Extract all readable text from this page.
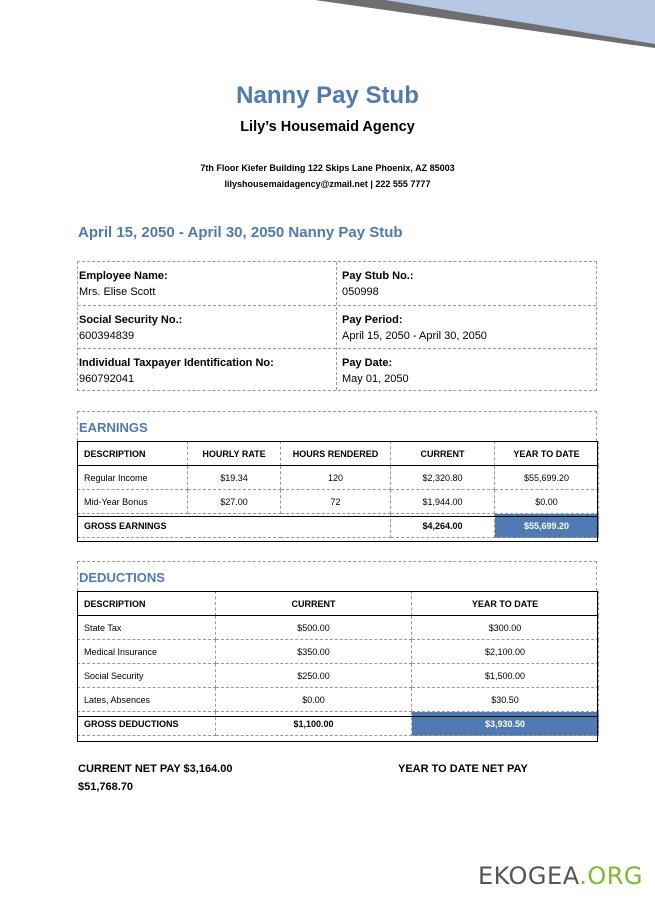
Nanny Pay Stub
Lily’s Housemaid Agency
7th Floor Kiefer Building 122 Skips Lane Phoenix, AZ 85003
lilyshousemaidagency@zmail.net | 222 555 7777
April 15, 2050 - April 30, 2050 Nanny Pay Stub
Employee Name:
Mrs. Elise Scott
Pay Stub No.:
050998
Social Security No.:
600394839
Pay Period:
April 15, 2050 - April 30, 2050
Individual Taxpayer Identification No:
960792041
Pay Date:
May 01, 2050
EARNINGS
DESCRIPTION	HOURLY RATE	HOURS RENDERED	CURRENT	YEAR TO DATE
Regular Income	$19.34	120	$2,320.80	$55,699.20
Mid-Year Bonus	$27.00	72	$1,944.00	$0.00
GROSS EARNINGS			$4,264.00	$55,699.20
DEDUCTIONS
DESCRIPTION	CURRENT	YEAR TO DATE
State Tax	$500.00	$300.00
Medical Insurance	$350.00	$2,100.00
Social Security	$250.00	$1,500.00
Lates, Absences	$0.00	$30.50
GROSS DEDUCTIONS	$1,100.00	$3,930.50
CURRENT NET PAY $3,164.00	YEAR TO DATE NET PAY
$51,768.70
EKOGEA.ORG
